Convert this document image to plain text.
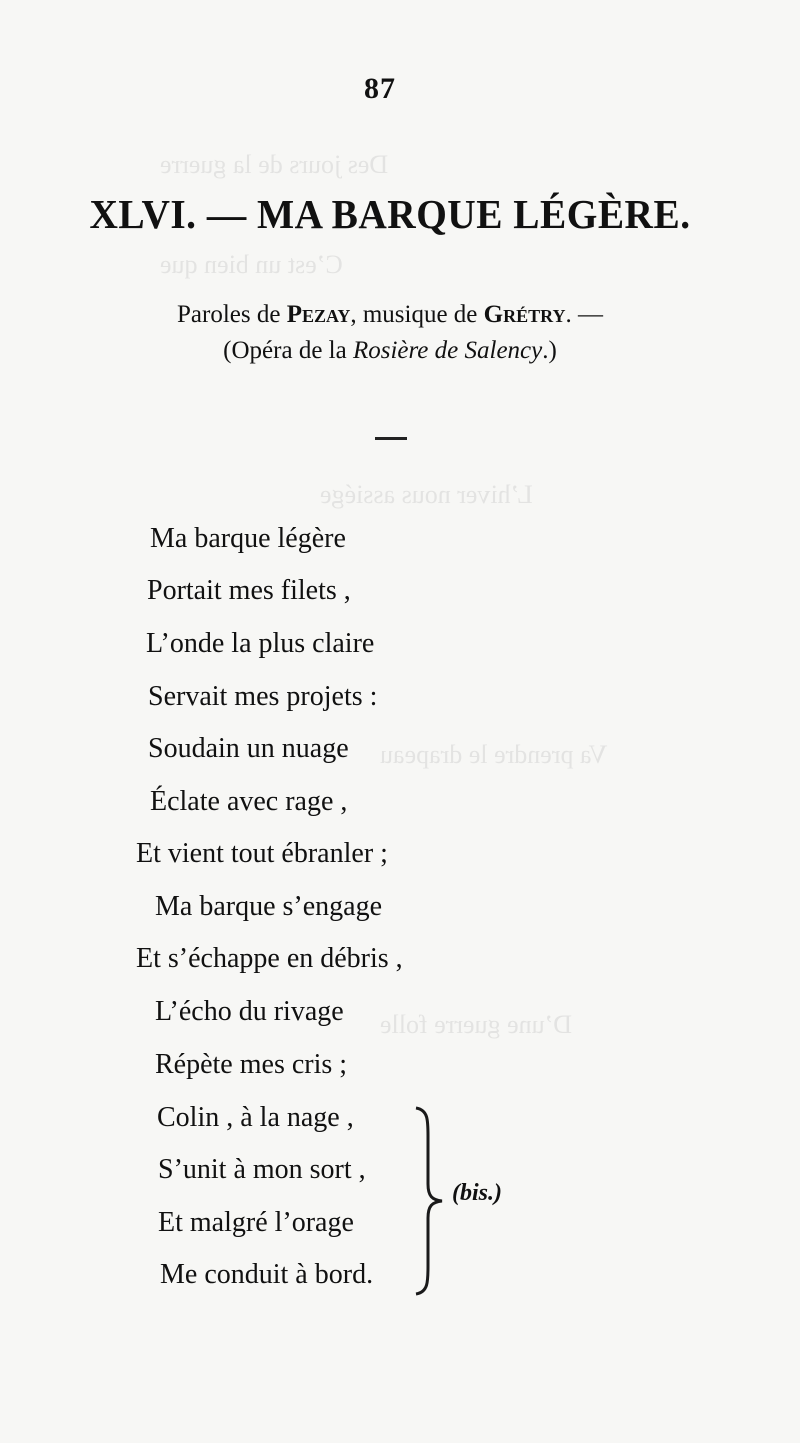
Des jours de la guerre
C’est un bien que
L’hiver nous assiége
Va prendre le drapeau
D’une guerre folle
87
XLVI. — MA BARQUE LÉGÈRE.
Paroles de Pezay, musique de Grétry. —
(Opéra de la Rosière de Salency.)
Ma barque légère
Portait mes filets ,
L’onde la plus claire
Servait mes projets :
Soudain un nuage
Éclate avec rage ,
Et vient tout ébranler ;
Ma barque s’engage
Et s’échappe en débris ,
L’écho du rivage
Répète mes cris ;
Colin , à la nage ,
S’unit à mon sort ,
Et malgré l’orage
Me conduit à bord.
(bis.)
